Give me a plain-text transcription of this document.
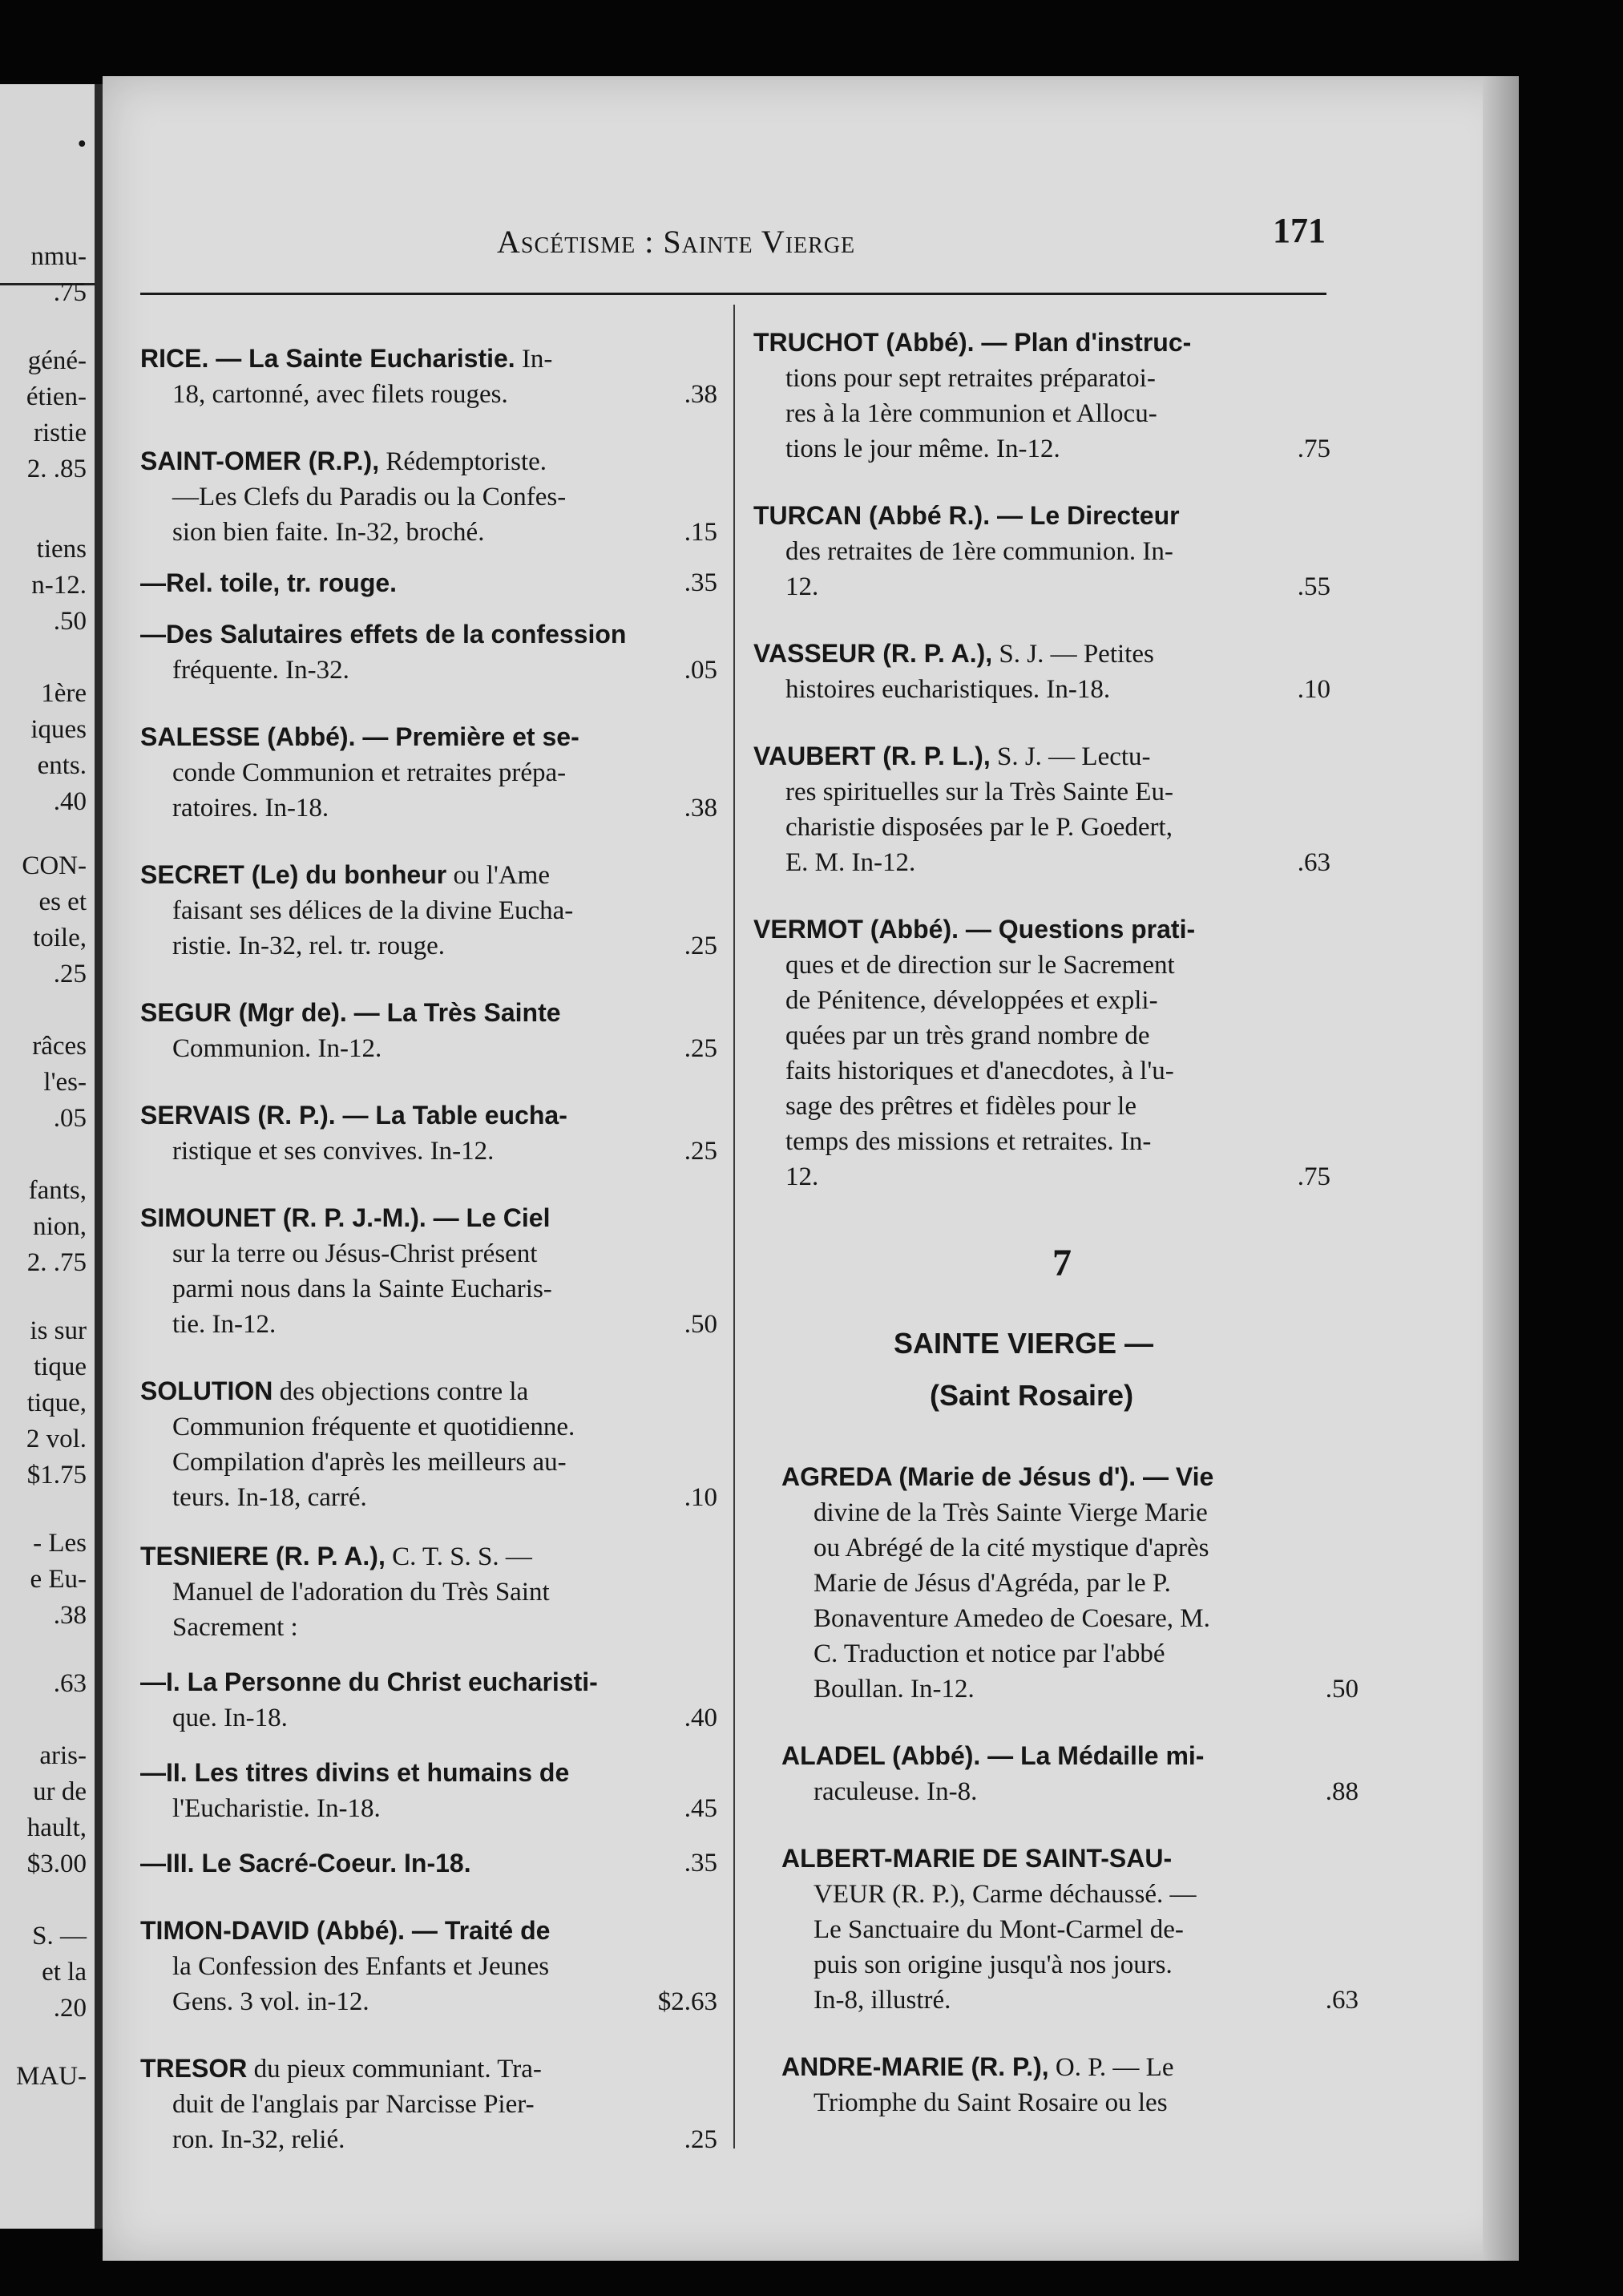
•
nmu-
.75
géné-
étien-
ristie
2. .85
tiens
n-12.
.50
1ère
iques
ents.
.40
CON-
es et
toile,
.25
râces
l'es-
.05
fants,
nion,
2. .75
is sur
tique
tique,
2 vol.
$1.75
- Les
e Eu-
.38
.63
aris-
ur de
hault,
$3.00
S. —
et la
.20
MAU-
Ascétisme : Sainte Vierge	171
RICE. — La Sainte Eucharistie. In-
18, cartonné, avec filets rouges.	.38
SAINT-OMER (R.P.), Rédemptoriste.
—Les Clefs du Paradis ou la Confes-
sion bien faite. In-32, broché.	.15
—Rel. toile, tr. rouge.	.35
—Des Salutaires effets de la confession
fréquente. In-32.	.05
SALESSE (Abbé). — Première et se-
conde Communion et retraites prépa-
ratoires. In-18.	.38
SECRET (Le) du bonheur ou l'Ame
faisant ses délices de la divine Eucha-
ristie. In-32, rel. tr. rouge.	.25
SEGUR (Mgr de). — La Très Sainte
Communion. In-12.	.25
SERVAIS (R. P.). — La Table eucha-
ristique et ses convives. In-12.	.25
SIMOUNET (R. P. J.-M.). — Le Ciel
sur la terre ou Jésus-Christ présent
parmi nous dans la Sainte Eucharis-
tie. In-12.	.50
SOLUTION des objections contre la
Communion fréquente et quotidienne.
Compilation d'après les meilleurs au-
teurs. In-18, carré.	.10
TESNIERE (R. P. A.), C. T. S. S. —
Manuel de l'adoration du Très Saint
Sacrement :
—I. La Personne du Christ eucharisti-
que. In-18.	.40
—II. Les titres divins et humains de
l'Eucharistie. In-18.	.45
—III. Le Sacré-Coeur. In-18.	.35
TIMON-DAVID (Abbé). — Traité de
la Confession des Enfants et Jeunes
Gens. 3 vol. in-12.	$2.63
TRESOR du pieux communiant. Tra-
duit de l'anglais par Narcisse Pier-
ron. In-32, relié.	.25
TRUCHOT (Abbé). — Plan d'instruc-
tions pour sept retraites préparatoi-
res à la 1ère communion et Allocu-
tions le jour même. In-12.	.75
TURCAN (Abbé R.). — Le Directeur
des retraites de 1ère communion. In-
12.	.55
VASSEUR (R. P. A.), S. J. — Petites
histoires eucharistiques. In-18.	.10
VAUBERT (R. P. L.), S. J. — Lectu-
res spirituelles sur la Très Sainte Eu-
charistie disposées par le P. Goedert,
E. M. In-12.	.63
VERMOT (Abbé). — Questions prati-
ques et de direction sur le Sacrement
de Pénitence, développées et expli-
quées par un très grand nombre de
faits historiques et d'anecdotes, à l'u-
sage des prêtres et fidèles pour le
temps des missions et retraites. In-
12.	.75
AGREDA (Marie de Jésus d'). — Vie
divine de la Très Sainte Vierge Marie
ou Abrégé de la cité mystique d'après
Marie de Jésus d'Agréda, par le P.
Bonaventure Amedeo de Coesare, M.
C. Traduction et notice par l'abbé
Boullan. In-12.	.50
ALADEL (Abbé). — La Médaille mi-
raculeuse. In-8.	.88
ALBERT-MARIE DE SAINT-SAU-
VEUR (R. P.), Carme déchaussé. —
Le Sanctuaire du Mont-Carmel de-
puis son origine jusqu'à nos jours.
In-8, illustré.	.63
ANDRE-MARIE (R. P.), O. P. — Le
Triomphe du Saint Rosaire ou les
7
SAINTE VIERGE —
(Saint Rosaire)
